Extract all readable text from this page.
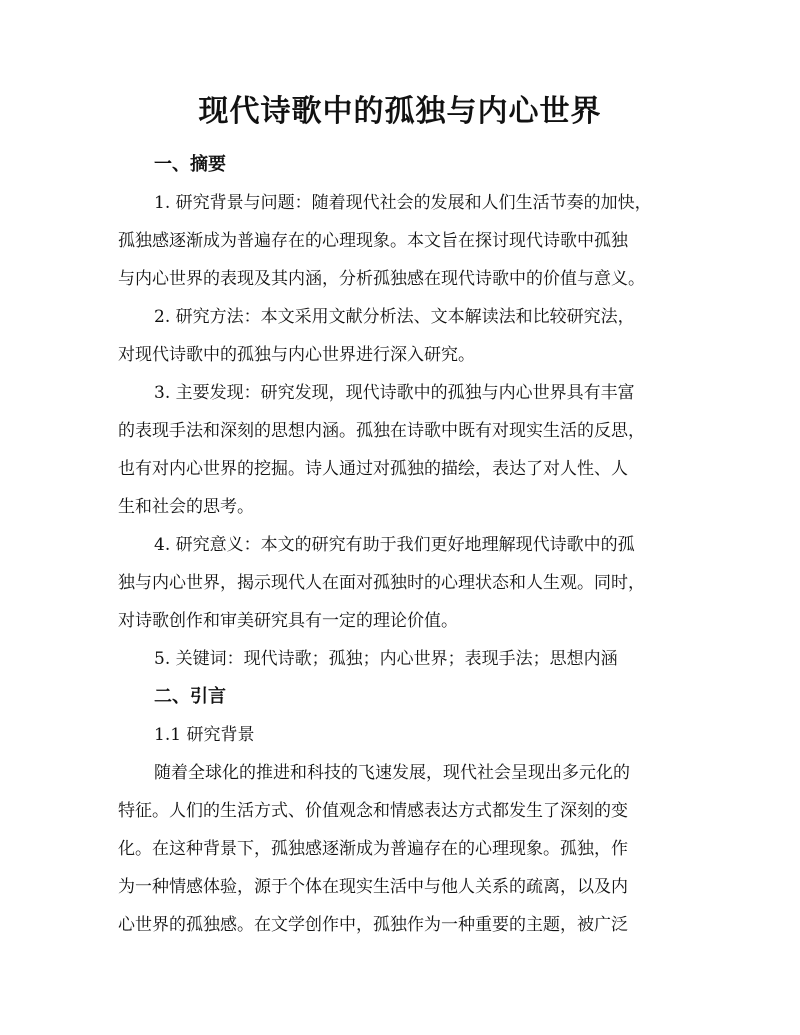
现代诗歌中的孤独与内心世界

一、摘要

1. 研究背景与问题：随着现代社会的发展和人们生活节奏的加快，
孤独感逐渐成为普遍存在的心理现象。本文旨在探讨现代诗歌中孤独
与内心世界的表现及其内涵，分析孤独感在现代诗歌中的价值与意义。

2. 研究方法：本文采用文献分析法、文本解读法和比较研究法，
对现代诗歌中的孤独与内心世界进行深入研究。

3. 主要发现：研究发现，现代诗歌中的孤独与内心世界具有丰富
的表现手法和深刻的思想内涵。孤独在诗歌中既有对现实生活的反思，
也有对内心世界的挖掘。诗人通过对孤独的描绘，表达了对人性、人
生和社会的思考。

4. 研究意义：本文的研究有助于我们更好地理解现代诗歌中的孤
独与内心世界，揭示现代人在面对孤独时的心理状态和人生观。同时，
对诗歌创作和审美研究具有一定的理论价值。

5. 关键词：现代诗歌；孤独；内心世界；表现手法；思想内涵

二、引言

1.1 研究背景

随着全球化的推进和科技的飞速发展，现代社会呈现出多元化的
特征。人们的生活方式、价值观念和情感表达方式都发生了深刻的变
化。在这种背景下，孤独感逐渐成为普遍存在的心理现象。孤独，作
为一种情感体验，源于个体在现实生活中与他人关系的疏离，以及内
心世界的孤独感。在文学创作中，孤独作为一种重要的主题，被广泛
